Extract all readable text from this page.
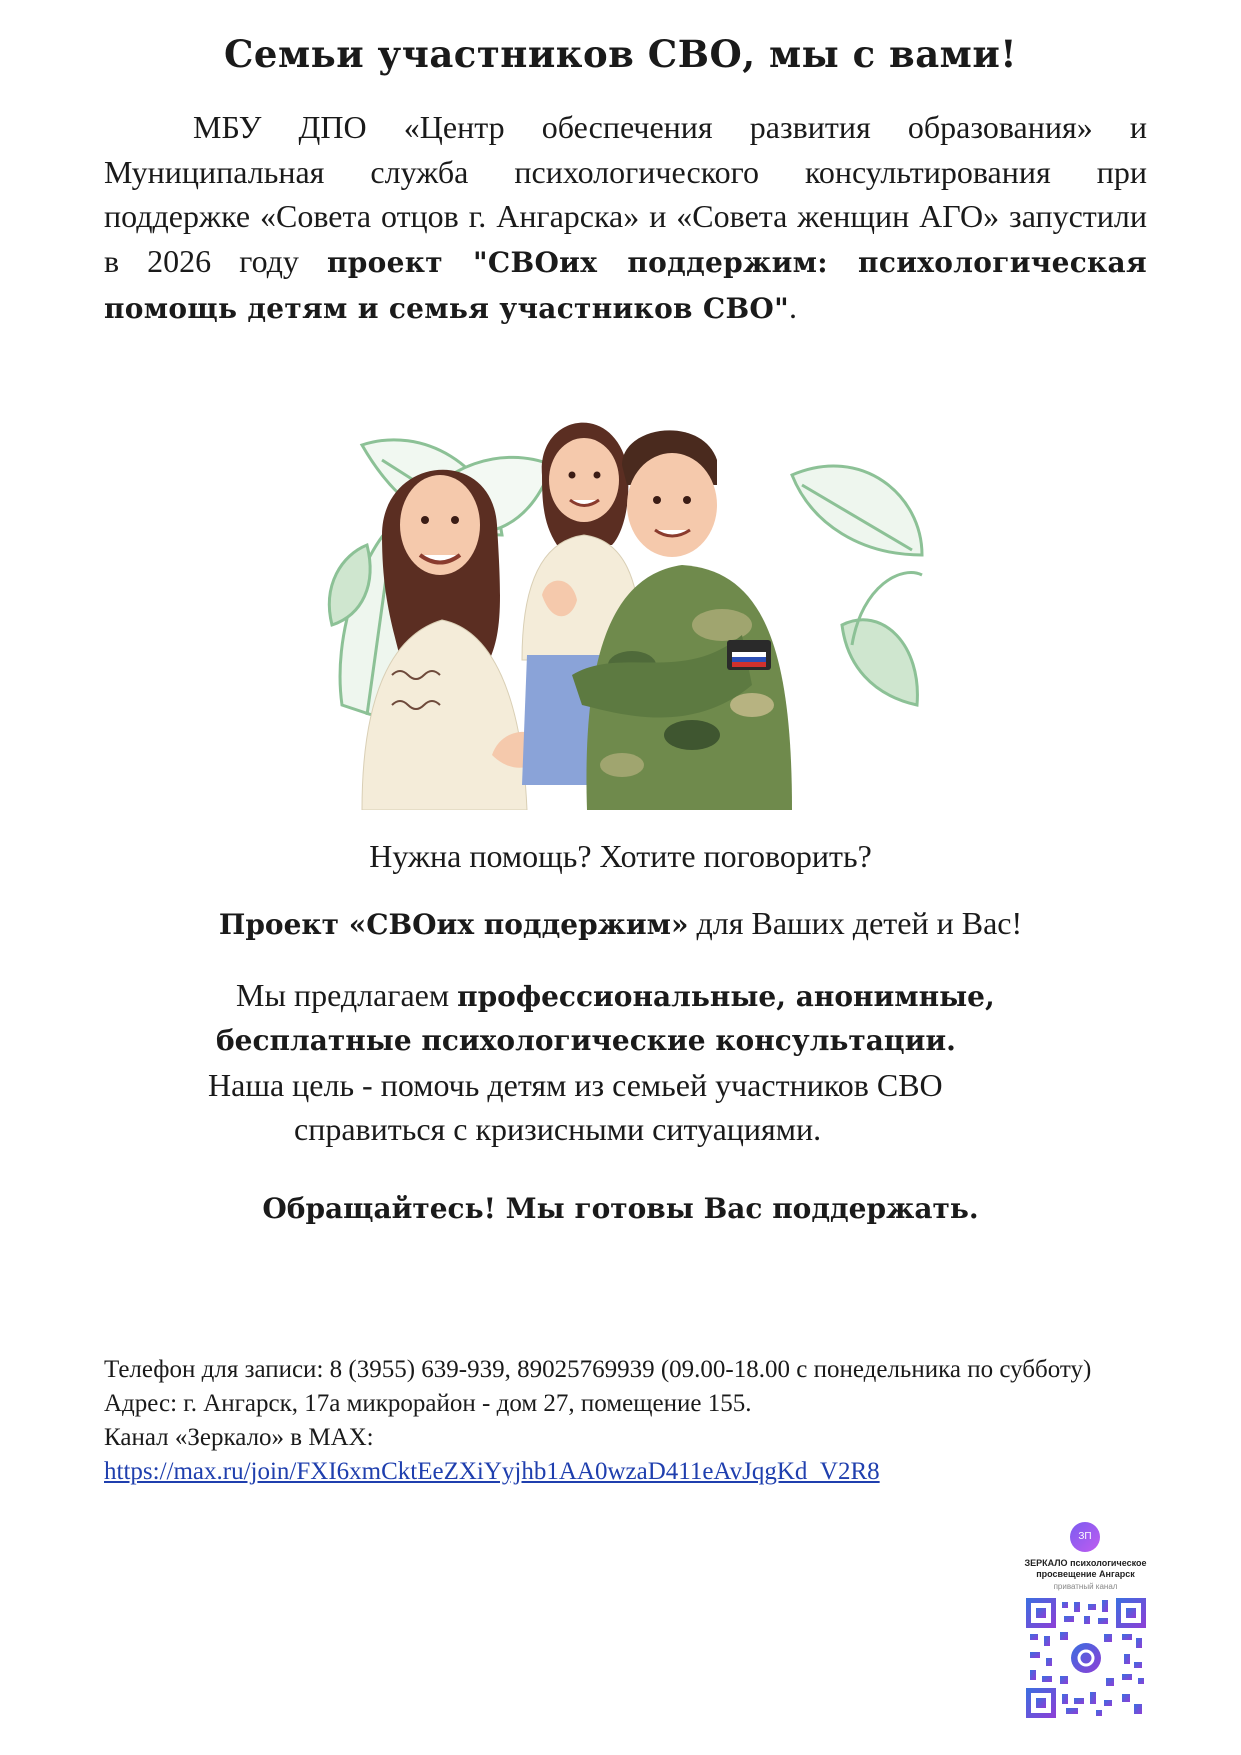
Семьи участников СВО, мы с вами!
МБУ ДПО «Центр обеспечения развития образования» и Муниципальная служба психологического консультирования при поддержке «Совета отцов г. Ангарска» и «Совета женщин АГО» запустили в 2026 году проект "СВОих поддержим: психологическая помощь детям и семья участников СВО".
Нужна помощь? Хотите поговорить?
Проект «СВОих поддержим» для Ваших детей и Вас!
Мы предлагаем профессиональные, анонимные,
бесплатные психологические консультации.
Наша цель - помочь детям из семьей участников СВО
справиться с кризисными ситуациями.
Обращайтесь! Мы готовы Вас поддержать.
Телефон для записи: 8 (3955) 639-939, 89025769939 (09.00-18.00 с понедельника по субботу)
Адрес: г. Ангарск, 17а микрорайон - дом 27, помещение 155.
Канал «Зеркало» в MAX:
https://max.ru/join/FXI6xmCktEeZXiYyjhb1AA0wzaD411eAvJqgKd_V2R8
ЗП
ЗЕРКАЛО психологическое просвещение Ангарск
приватный канал
